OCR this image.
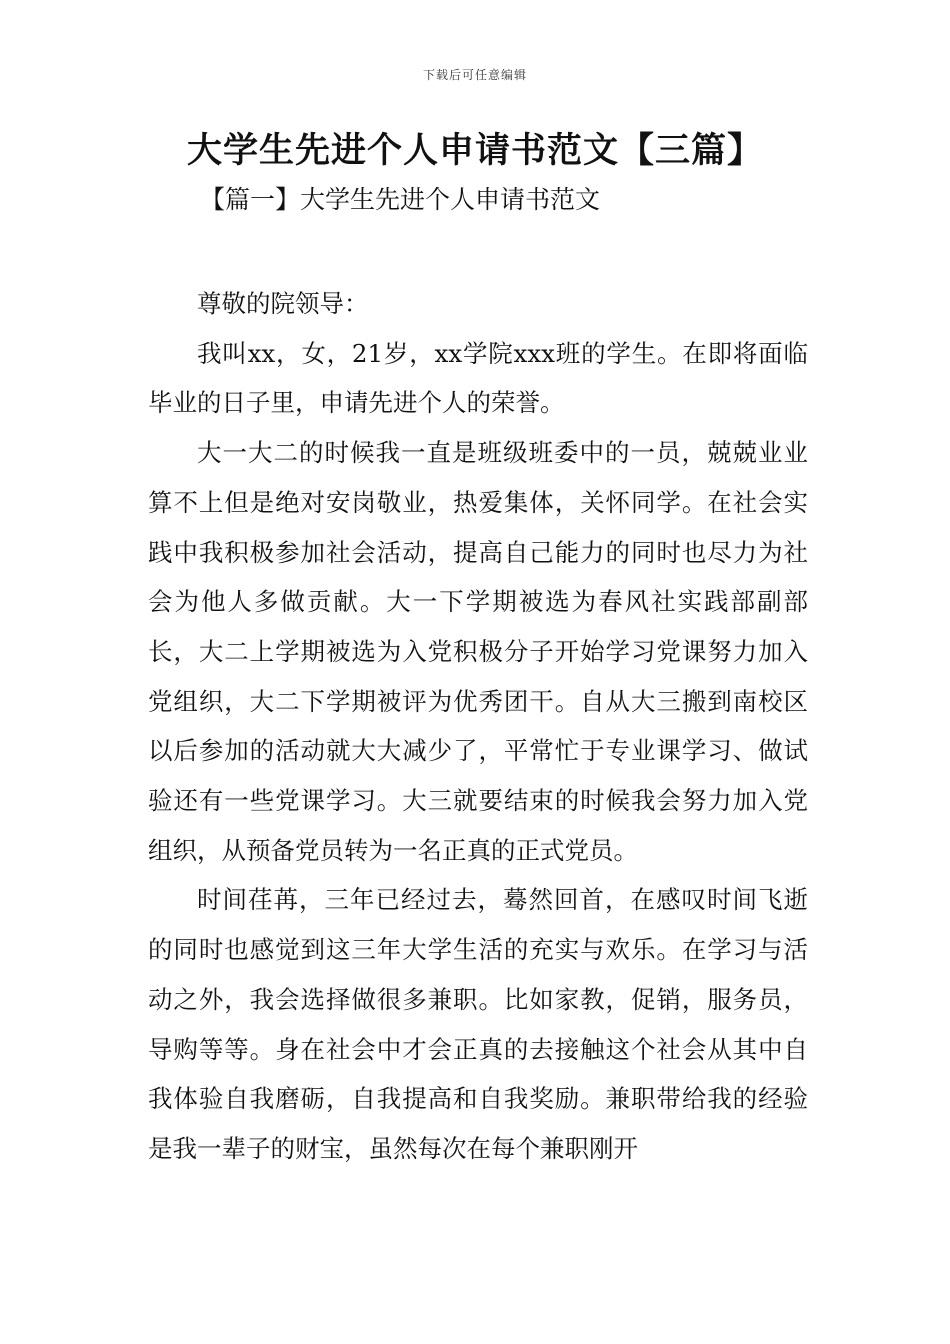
下载后可任意编辑
大学生先进个人申请书范文【三篇】
【篇一】大学生先进个人申请书范文

尊敬的院领导：

我叫xx，女，21岁，xx学院xxx班的学生。在即将面临毕业的日子里，申请先进个人的荣誉。

大一大二的时候我一直是班级班委中的一员，兢兢业业算不上但是绝对安岗敬业，热爱集体，关怀同学。在社会实践中我积极参加社会活动，提高自己能力的同时也尽力为社会为他人多做贡献。大一下学期被选为春风社实践部副部长，大二上学期被选为入党积极分子开始学习党课努力加入党组织，大二下学期被评为优秀团干。自从大三搬到南校区以后参加的活动就大大减少了，平常忙于专业课学习、做试验还有一些党课学习。大三就要结束的时候我会努力加入党组织，从预备党员转为一名正真的正式党员。

时间荏苒，三年已经过去，蓦然回首，在感叹时间飞逝的同时也感觉到这三年大学生活的充实与欢乐。在学习与活动之外，我会选择做很多兼职。比如家教，促销，服务员，导购等等。身在社会中才会正真的去接触这个社会从其中自我体验自我磨砺，自我提高和自我奖励。兼职带给我的经验是我一辈子的财宝，虽然每次在每个兼职刚开
